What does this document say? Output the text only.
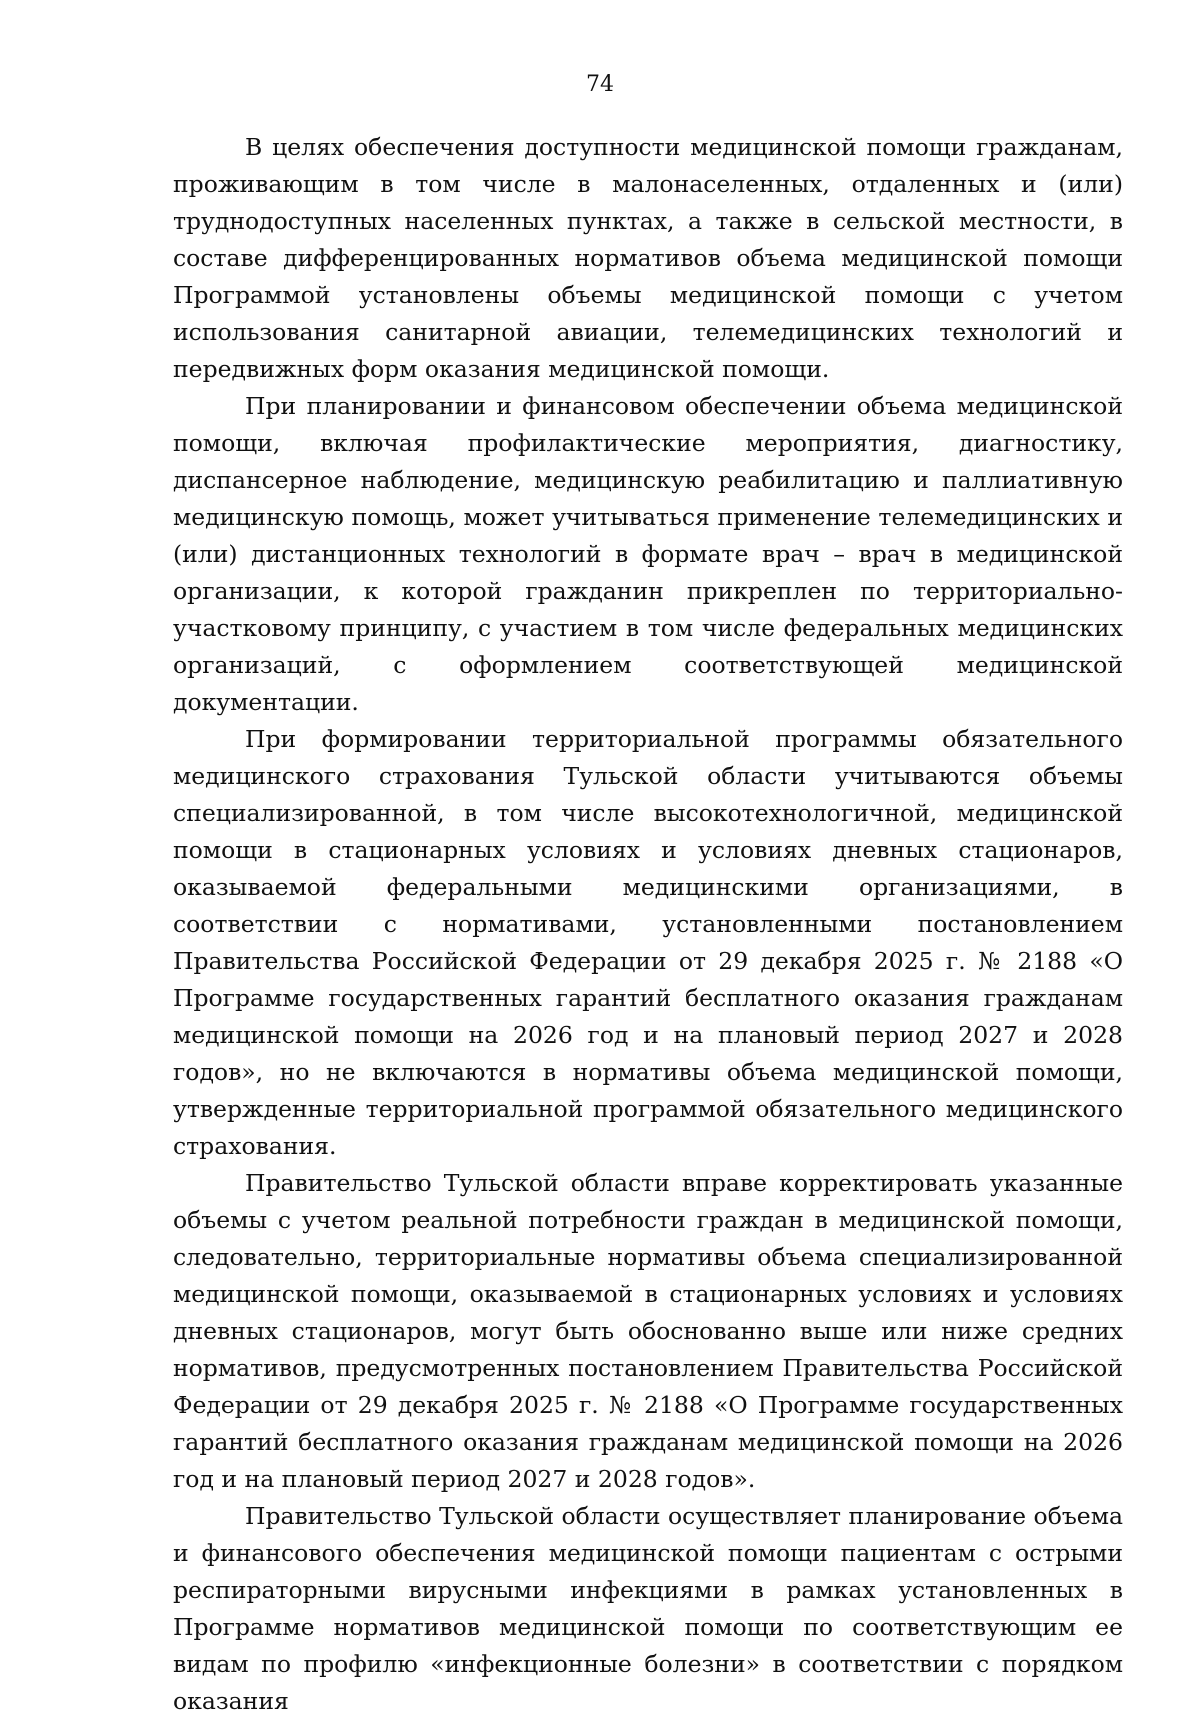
74

В целях обеспечения доступности медицинской помощи гражданам, проживающим в том числе в малонаселенных, отдаленных и (или) труднодоступных населенных пунктах, а также в сельской местности, в составе дифференцированных нормативов объема медицинской помощи Программой установлены объемы медицинской помощи с учетом использования санитарной авиации, телемедицинских технологий и передвижных форм оказания медицинской помощи.

При планировании и финансовом обеспечении объема медицинской помощи, включая профилактические мероприятия, диагностику, диспансерное наблюдение, медицинскую реабилитацию и паллиативную медицинскую помощь, может учитываться применение телемедицинских и (или) дистанционных технологий в формате врач – врач в медицинской организации, к которой гражданин прикреплен по территориально-участковому принципу, с участием в том числе федеральных медицинских организаций, с оформлением соответствующей медицинской документации.

При формировании территориальной программы обязательного медицинского страхования Тульской области учитываются объемы специализированной, в том числе высокотехнологичной, медицинской помощи в стационарных условиях и условиях дневных стационаров, оказываемой федеральными медицинскими организациями, в соответствии с нормативами, установленными постановлением Правительства Российской Федерации от 29 декабря 2025 г. № 2188 «О Программе государственных гарантий бесплатного оказания гражданам медицинской помощи на 2026 год и на плановый период 2027 и 2028 годов», но не включаются в нормативы объема медицинской помощи, утвержденные территориальной программой обязательного медицинского страхования.

Правительство Тульской области вправе корректировать указанные объемы с учетом реальной потребности граждан в медицинской помощи, следовательно, территориальные нормативы объема специализированной медицинской помощи, оказываемой в стационарных условиях и условиях дневных стационаров, могут быть обоснованно выше или ниже средних нормативов, предусмотренных постановлением Правительства Российской Федерации от 29 декабря 2025 г. № 2188 «О Программе государственных гарантий бесплатного оказания гражданам медицинской помощи на 2026 год и на плановый период 2027 и 2028 годов».

Правительство Тульской области осуществляет планирование объема и финансового обеспечения медицинской помощи пациентам с острыми респираторными вирусными инфекциями в рамках установленных в Программе нормативов медицинской помощи по соответствующим ее видам по профилю «инфекционные болезни» в соответствии с порядком оказания
